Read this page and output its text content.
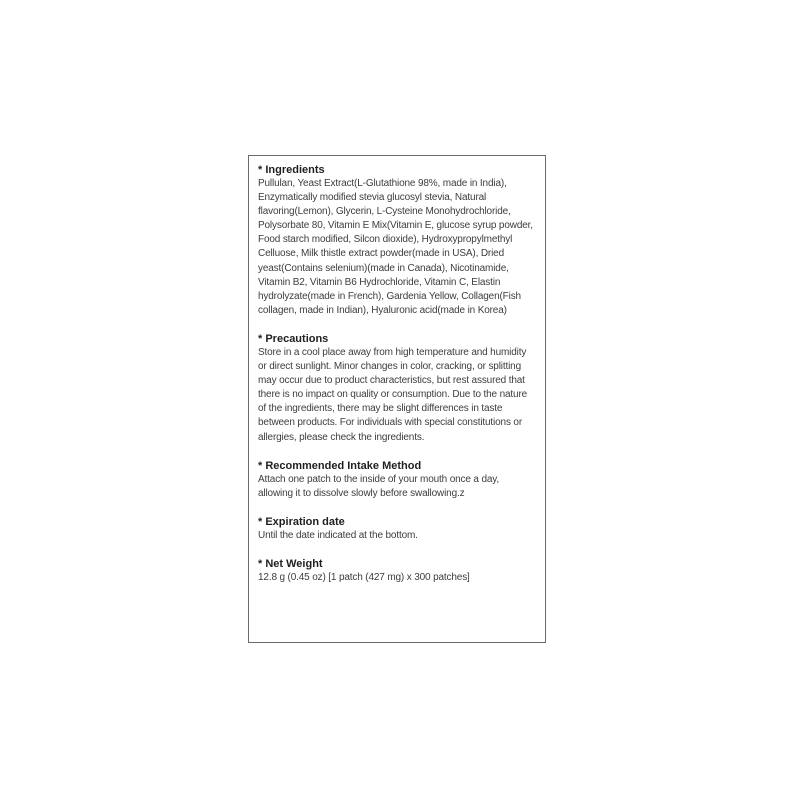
* Ingredients

Pullulan, Yeast Extract(L-Glutathione 98%, made in India), Enzymatically modified stevia glucosyl stevia, Natural flavoring(Lemon), Glycerin, L-Cysteine Monohydrochloride, Polysorbate 80, Vitamin E Mix(Vitamin E, glucose syrup powder, Food starch modified, Silcon dioxide), Hydroxypropylmethyl Celluose, Milk thistle extract powder(made in USA), Dried yeast(Contains selenium)(made in Canada), Nicotinamide, Vitamin B2, Vitamin B6 Hydrochloride, Vitamin C, Elastin hydrolyzate(made in French), Gardenia Yellow, Collagen(Fish collagen, made in Indian), Hyaluronic acid(made in Korea)

* Precautions

Store in a cool place away from high temperature and humidity or direct sunlight. Minor changes in color, cracking, or splitting may occur due to product characteristics, but rest assured that there is no impact on quality or consumption. Due to the nature of the ingredients, there may be slight differences in taste between products. For individuals with special constitutions or allergies, please check the ingredients.

* Recommended Intake Method

Attach one patch to the inside of your mouth once a day, allowing it to dissolve slowly before swallowing.z

* Expiration date

Until the date indicated at the bottom.

* Net Weight

12.8 g (0.45 oz) [1 patch (427 mg) x 300 patches]
